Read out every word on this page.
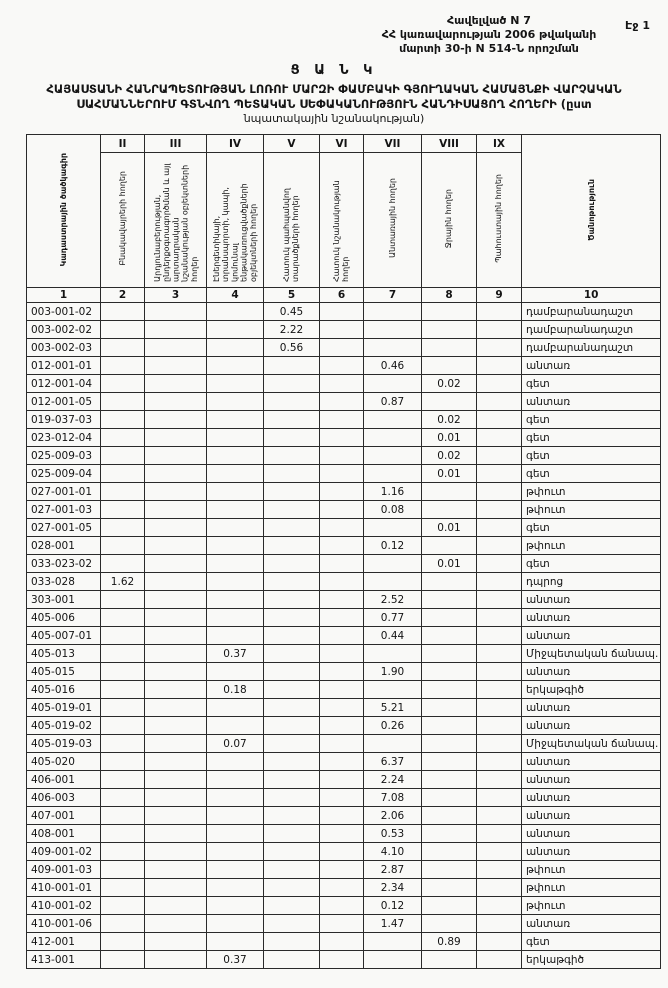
Էջ 1
Հավելված N 7
ՀՀ կառավարության 2006 թվականի
մարտի 30-ի N 514-Ն որոշման
Ց Ա Ն Կ
ՀԱՅԱՍՏԱՆԻ ՀԱՆՐԱՊԵՏՈՒԹՅԱՆ ԼՈՌՈՒ ՄԱՐԶԻ ՓԱՄԲԱԿԻ ԳՅՈՒՂԱԿԱՆ ՀԱՄԱՅՆՔԻ ՎԱՐՉԱԿԱՆ
ՍԱՀՄԱՆՆԵՐՈՒՄ ԳՏՆՎՈՂ ՊԵՏԱԿԱՆ ՍԵՓԱԿԱՆՈՒԹՅՈՒՆ ՀԱՆԴԻՍԱՑՈՂ ՀՈՂԵՐԻ (ըստ
նպատակային նշանակության)
Կադաստրային ծածկագիր	II	III	IV	V	VI	VII	VIII	IX	Ծանոթություն
	Բնակավայրերի հողեր	Արդյունաբերության, ընդերքօգտագործման և այլ արտադրական նշանակության օբյեկտների հողեր	Էներգետիկայի, տրանսպորտի, կապի, կոմունալ ենթակառուցվածքների օբյեկտների հողեր	Հատուկ պահպանվող տարածքների հողեր	Հատուկ նշանակության հողեր	Անտառային հողեր	Ջրային հողեր	Պահուստային հողեր	
1	2	3	4	5	6	7	8	9	10
003-001-02				0.45					դամբարանադաշտ
003-002-02				2.22					դամբարանադաշտ
003-002-03				0.56					դամբարանադաշտ
012-001-01						0.46			անտառ
012-001-04							0.02		գետ
012-001-05						0.87			անտառ
019-037-03							0.02		գետ
023-012-04							0.01		գետ
025-009-03							0.02		գետ
025-009-04							0.01		գետ
027-001-01						1.16			թփուտ
027-001-03						0.08			թփուտ
027-001-05							0.01		գետ
028-001						0.12			թփուտ
033-023-02							0.01		գետ
033-028	1.62								դպրոց
303-001						2.52			անտառ
405-006						0.77			անտառ
405-007-01						0.44			անտառ
405-013			0.37						Միջպետական ճանապ.
405-015						1.90			անտառ
405-016			0.18						երկաթգիծ
405-019-01						5.21			անտառ
405-019-02						0.26			անտառ
405-019-03			0.07						Միջպետական ճանապ.
405-020						6.37			անտառ
406-001						2.24			անտառ
406-003						7.08			անտառ
407-001						2.06			անտառ
408-001						0.53			անտառ
409-001-02						4.10			անտառ
409-001-03						2.87			թփուտ
410-001-01						2.34			թփուտ
410-001-02						0.12			թփուտ
410-001-06						1.47			անտառ
412-001							0.89		գետ
413-001			0.37						երկաթգիծ
